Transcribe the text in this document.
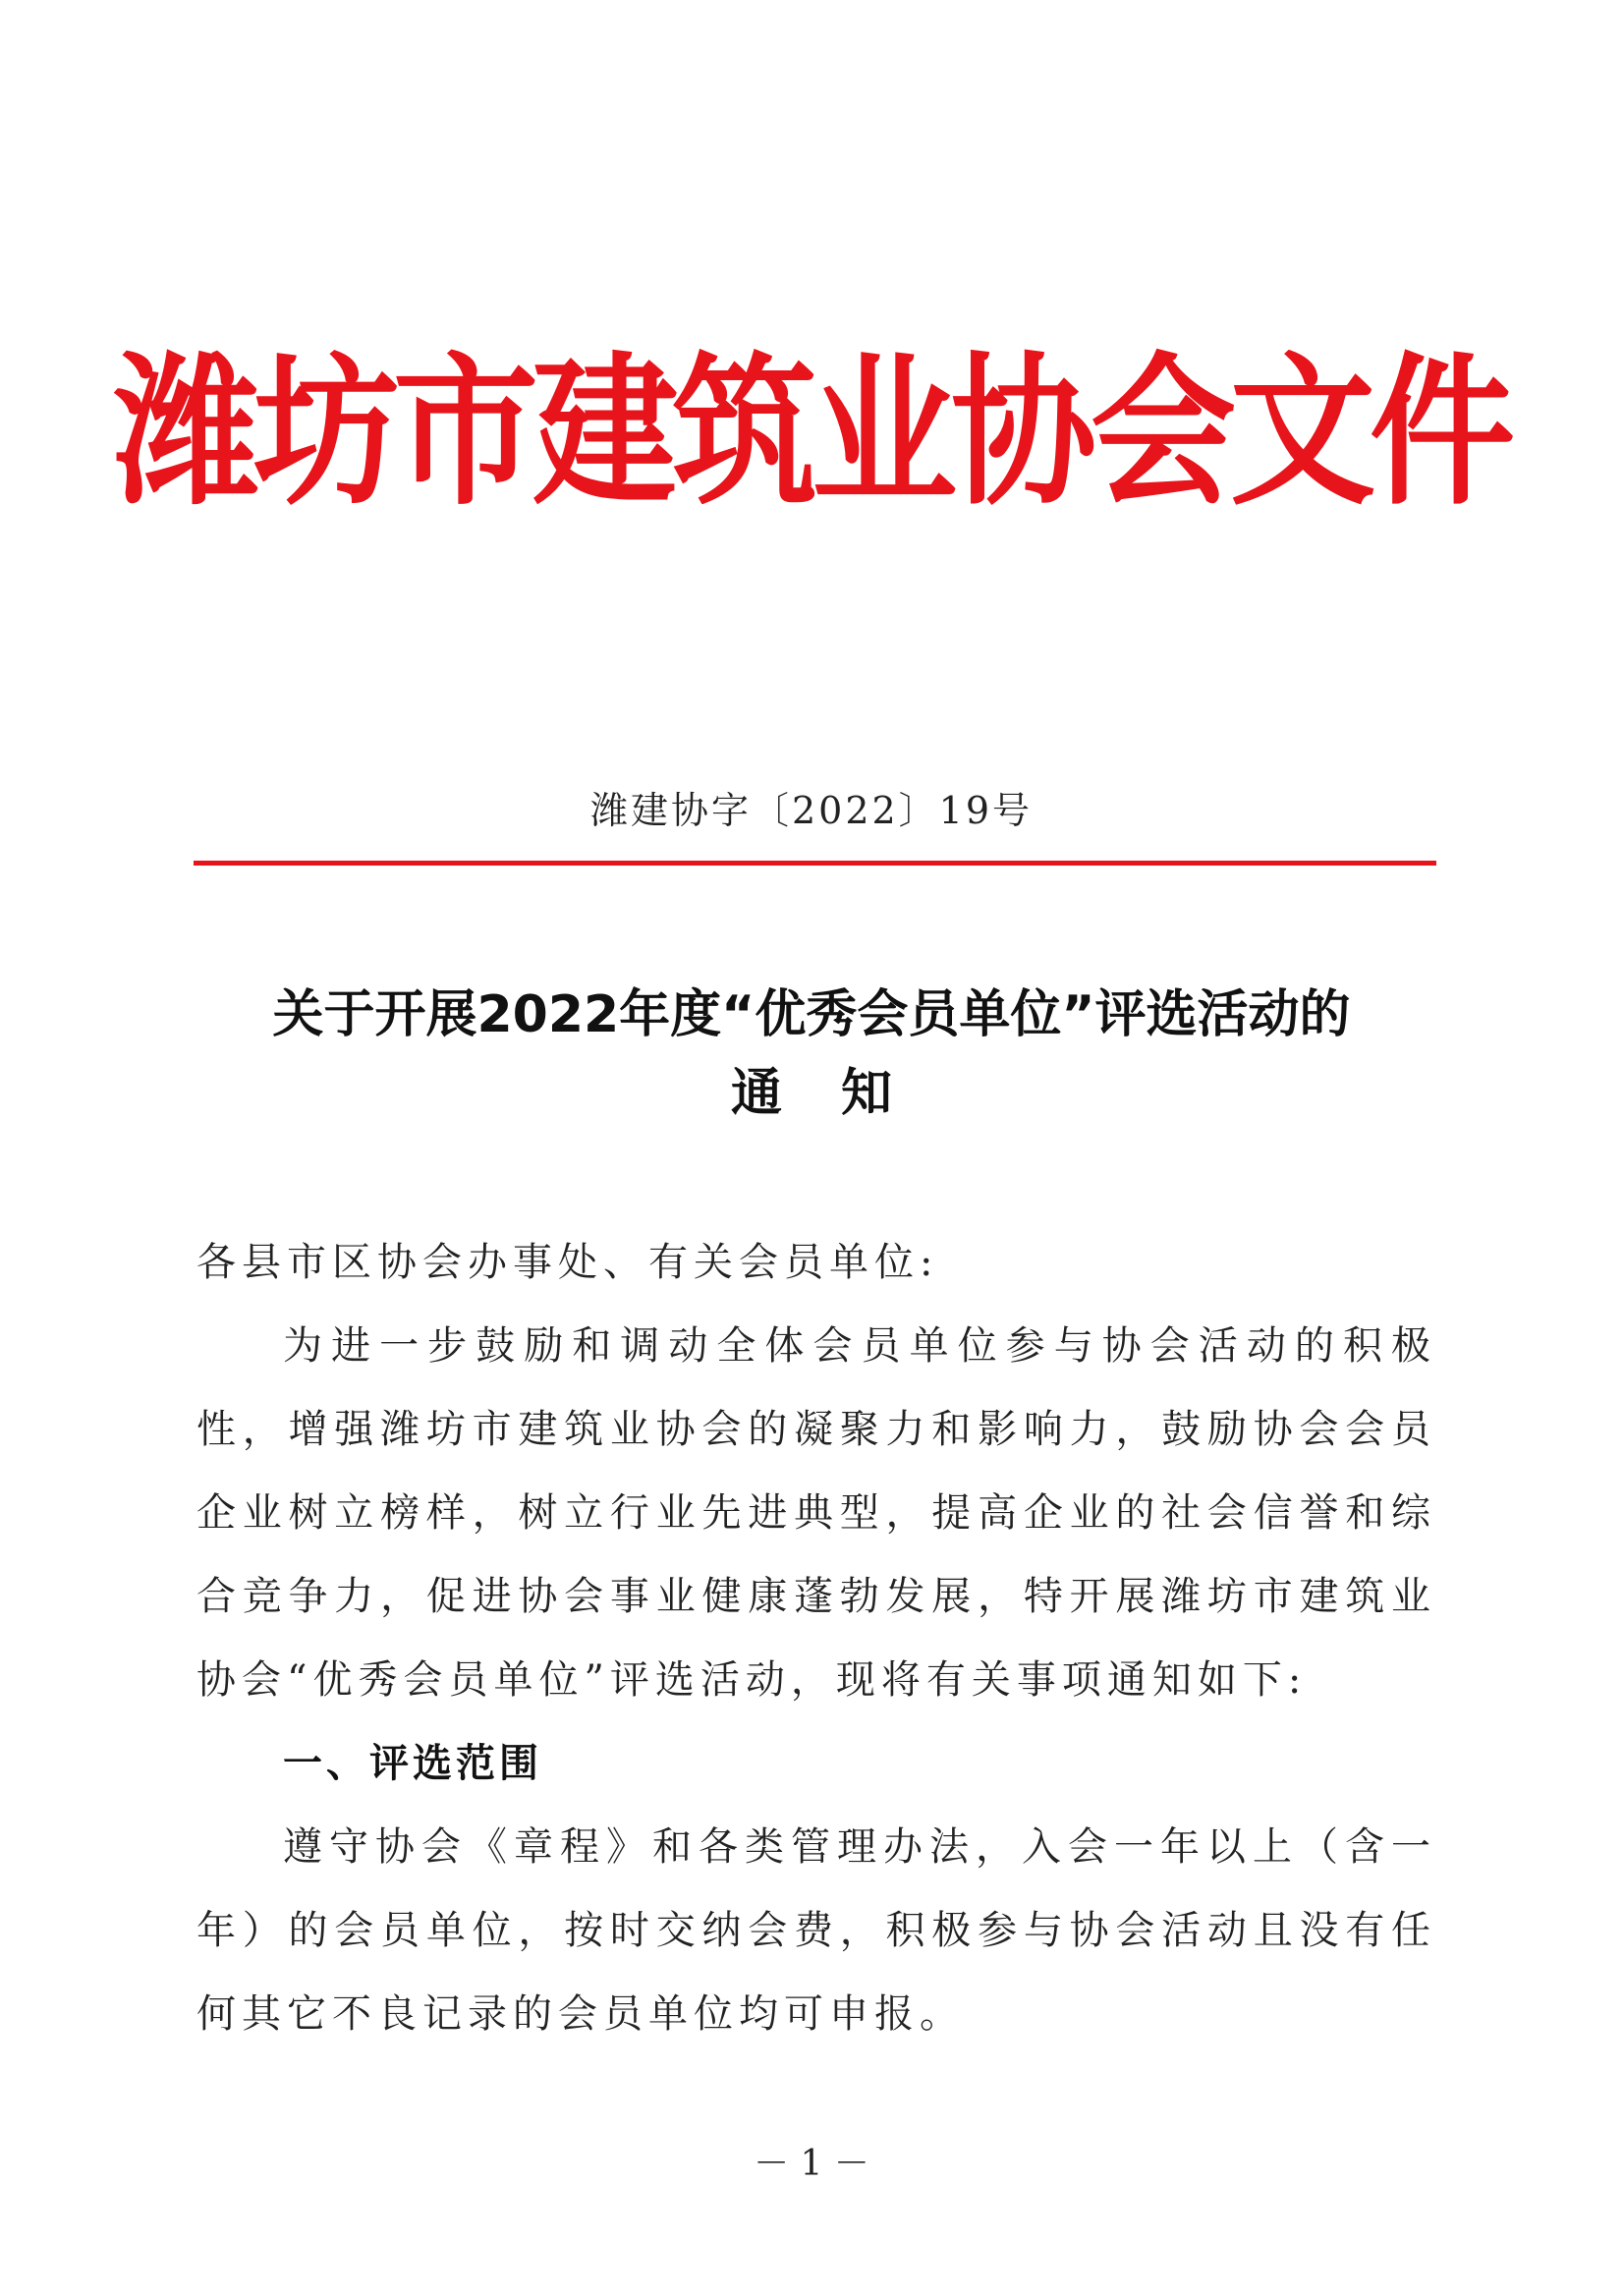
潍坊市建筑业协会文件
潍建协字〔2022〕19号
关于开展2022年度“优秀会员单位”评选活动的
通知
各县市区协会办事处、有关会员单位:
为进一步鼓励和调动全体会员单位参与协会活动的积极性，增强潍坊市建筑业协会的凝聚力和影响力，鼓励协会会员企业树立榜样，树立行业先进典型，提高企业的社会信誉和综合竞争力，促进协会事业健康蓬勃发展，特开展潍坊市建筑业协会“优秀会员单位”评选活动，现将有关事项通知如下:
一、评选范围
遵守协会《章程》和各类管理办法，入会一年以上（含一年）的会员单位，按时交纳会费，积极参与协会活动且没有任何其它不良记录的会员单位均可申报。
－ 1 －
